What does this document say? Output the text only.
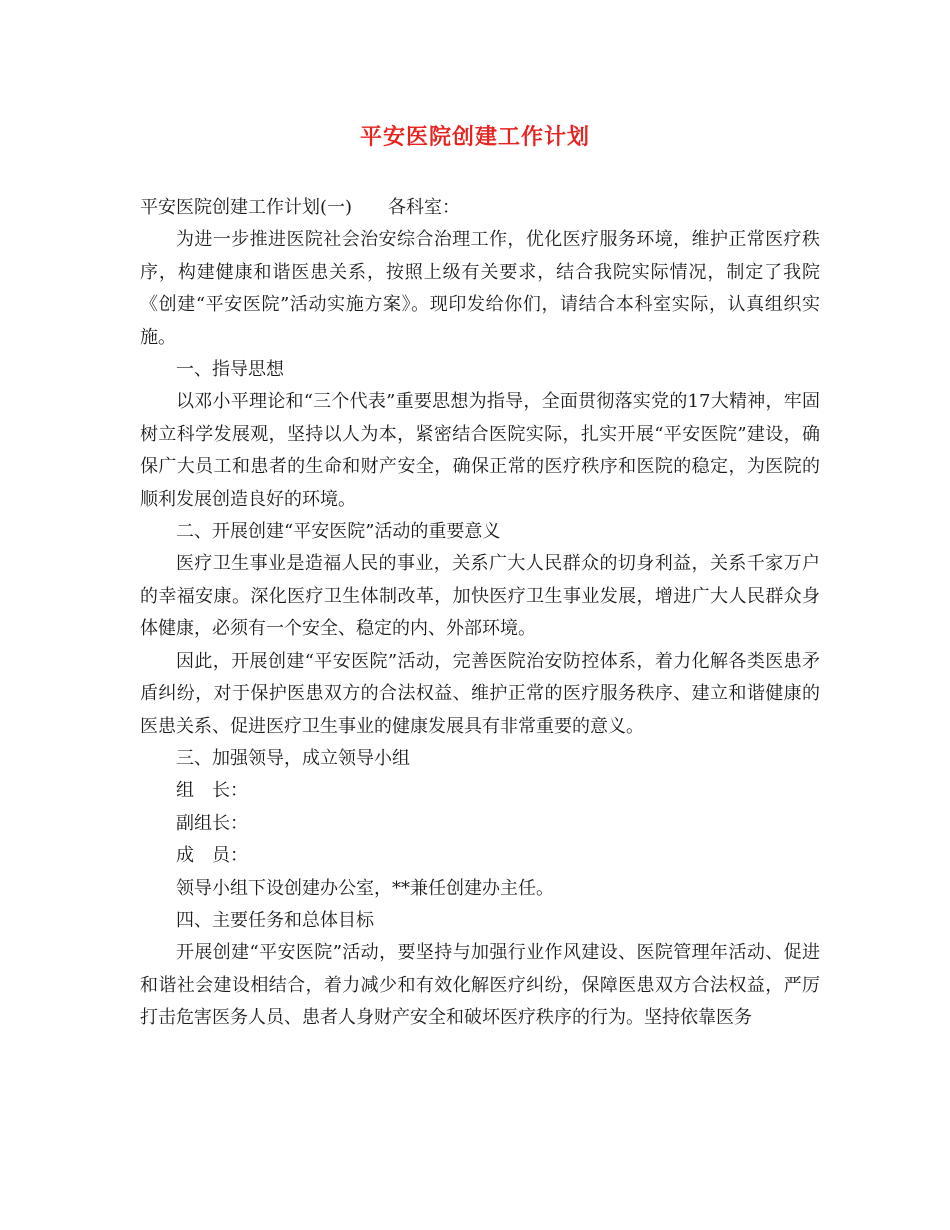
平安医院创建工作计划

平安医院创建工作计划(一) 各科室：

为进一步推进医院社会治安综合治理工作，优化医疗服务环境，维护正常医疗秩序，构建健康和谐医患关系，按照上级有关要求，结合我院实际情况，制定了我院《创建“平安医院”活动实施方案》。现印发给你们，请结合本科室实际，认真组织实施。

一、指导思想

以邓小平理论和“三个代表”重要思想为指导，全面贯彻落实党的17大精神，牢固树立科学发展观，坚持以人为本，紧密结合医院实际，扎实开展“平安医院”建设，确保广大员工和患者的生命和财产安全，确保正常的医疗秩序和医院的稳定，为医院的顺利发展创造良好的环境。

二、开展创建“平安医院”活动的重要意义

医疗卫生事业是造福人民的事业，关系广大人民群众的切身利益，关系千家万户的幸福安康。深化医疗卫生体制改革，加快医疗卫生事业发展，增进广大人民群众身体健康，必须有一个安全、稳定的内、外部环境。

因此，开展创建“平安医院”活动，完善医院治安防控体系，着力化解各类医患矛盾纠纷，对于保护医患双方的合法权益、维护正常的医疗服务秩序、建立和谐健康的医患关系、促进医疗卫生事业的健康发展具有非常重要的意义。

三、加强领导，成立领导小组

组　长：

副组长：

成　员：

领导小组下设创建办公室，**兼任创建办主任。

四、主要任务和总体目标

开展创建“平安医院”活动，要坚持与加强行业作风建设、医院管理年活动、促进和谐社会建设相结合，着力减少和有效化解医疗纠纷，保障医患双方合法权益，严厉打击危害医务人员、患者人身财产安全和破坏医疗秩序的行为。坚持依靠医务
